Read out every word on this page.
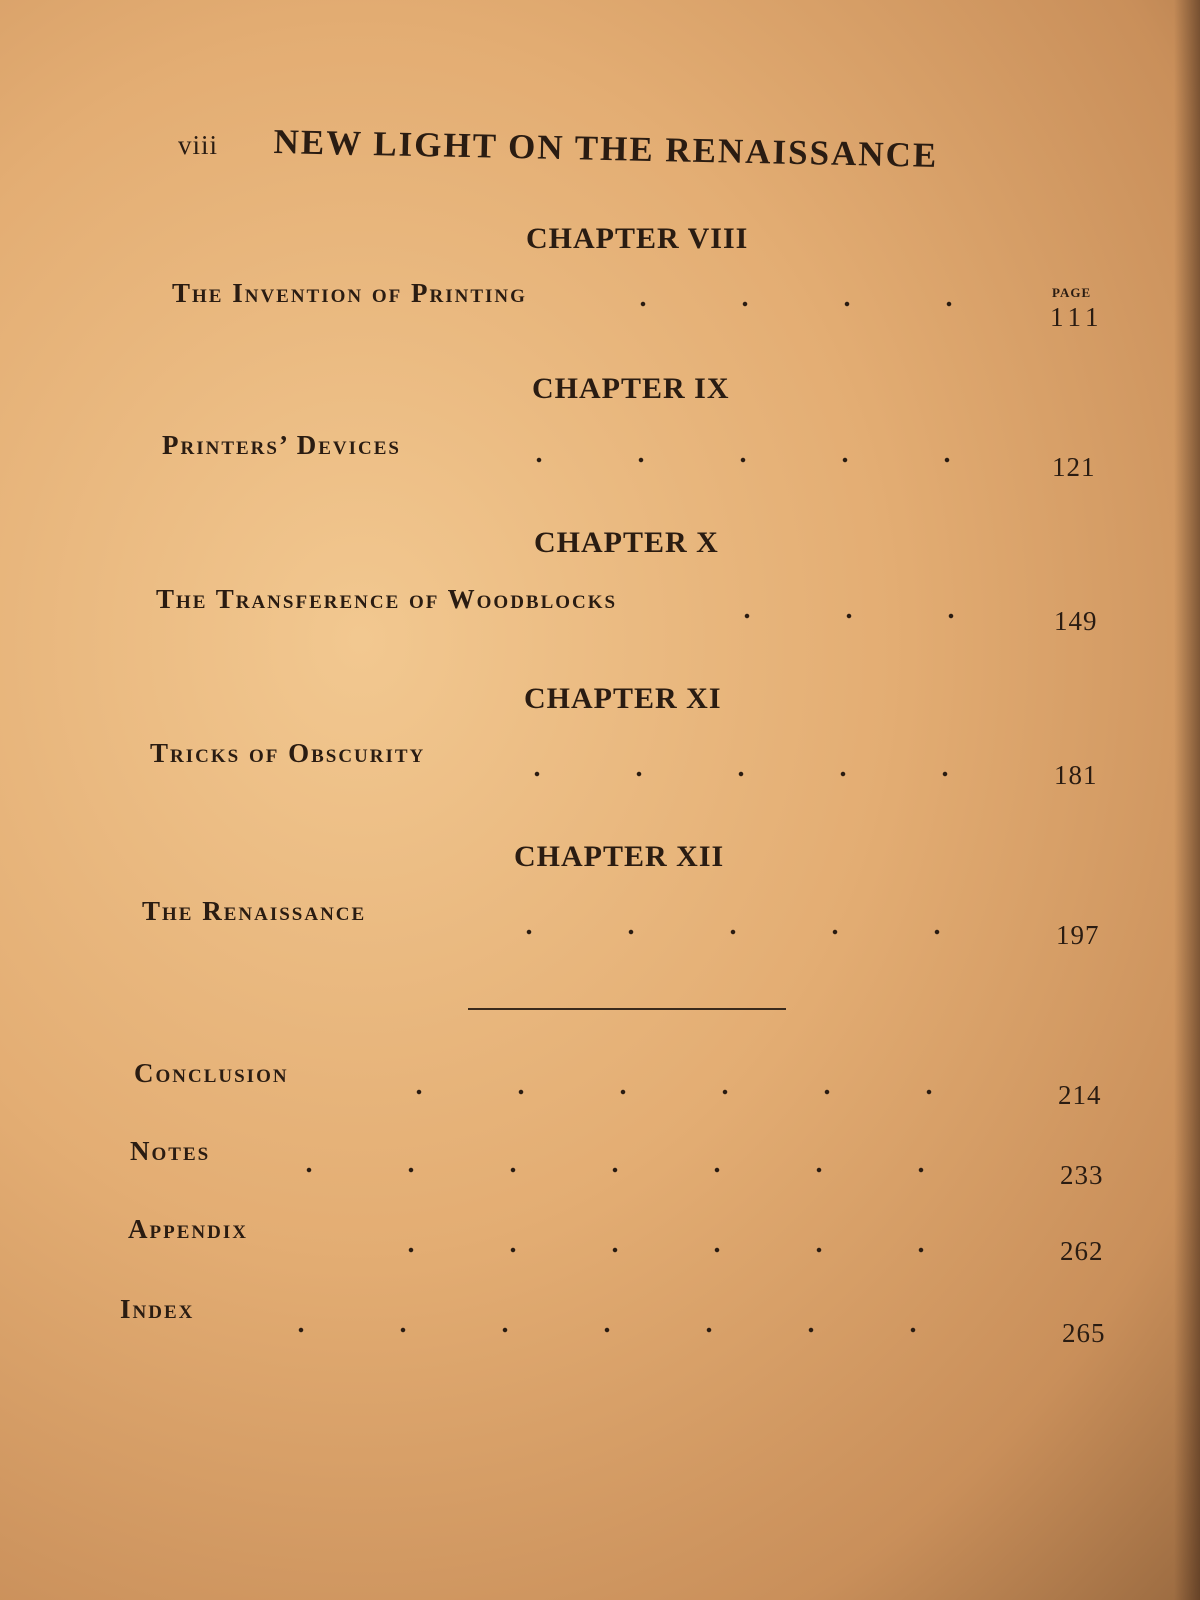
viii NEW LIGHT ON THE RENAISSANCE
CHAPTER VIII
PAGE
The Invention of Printing
111
CHAPTER IX
Printers’ Devices
121
CHAPTER X
The Transference of Woodblocks
149
CHAPTER XI
Tricks of Obscurity
181
CHAPTER XII
The Renaissance
197
Conclusion
214
Notes
233
Appendix
262
Index
265
